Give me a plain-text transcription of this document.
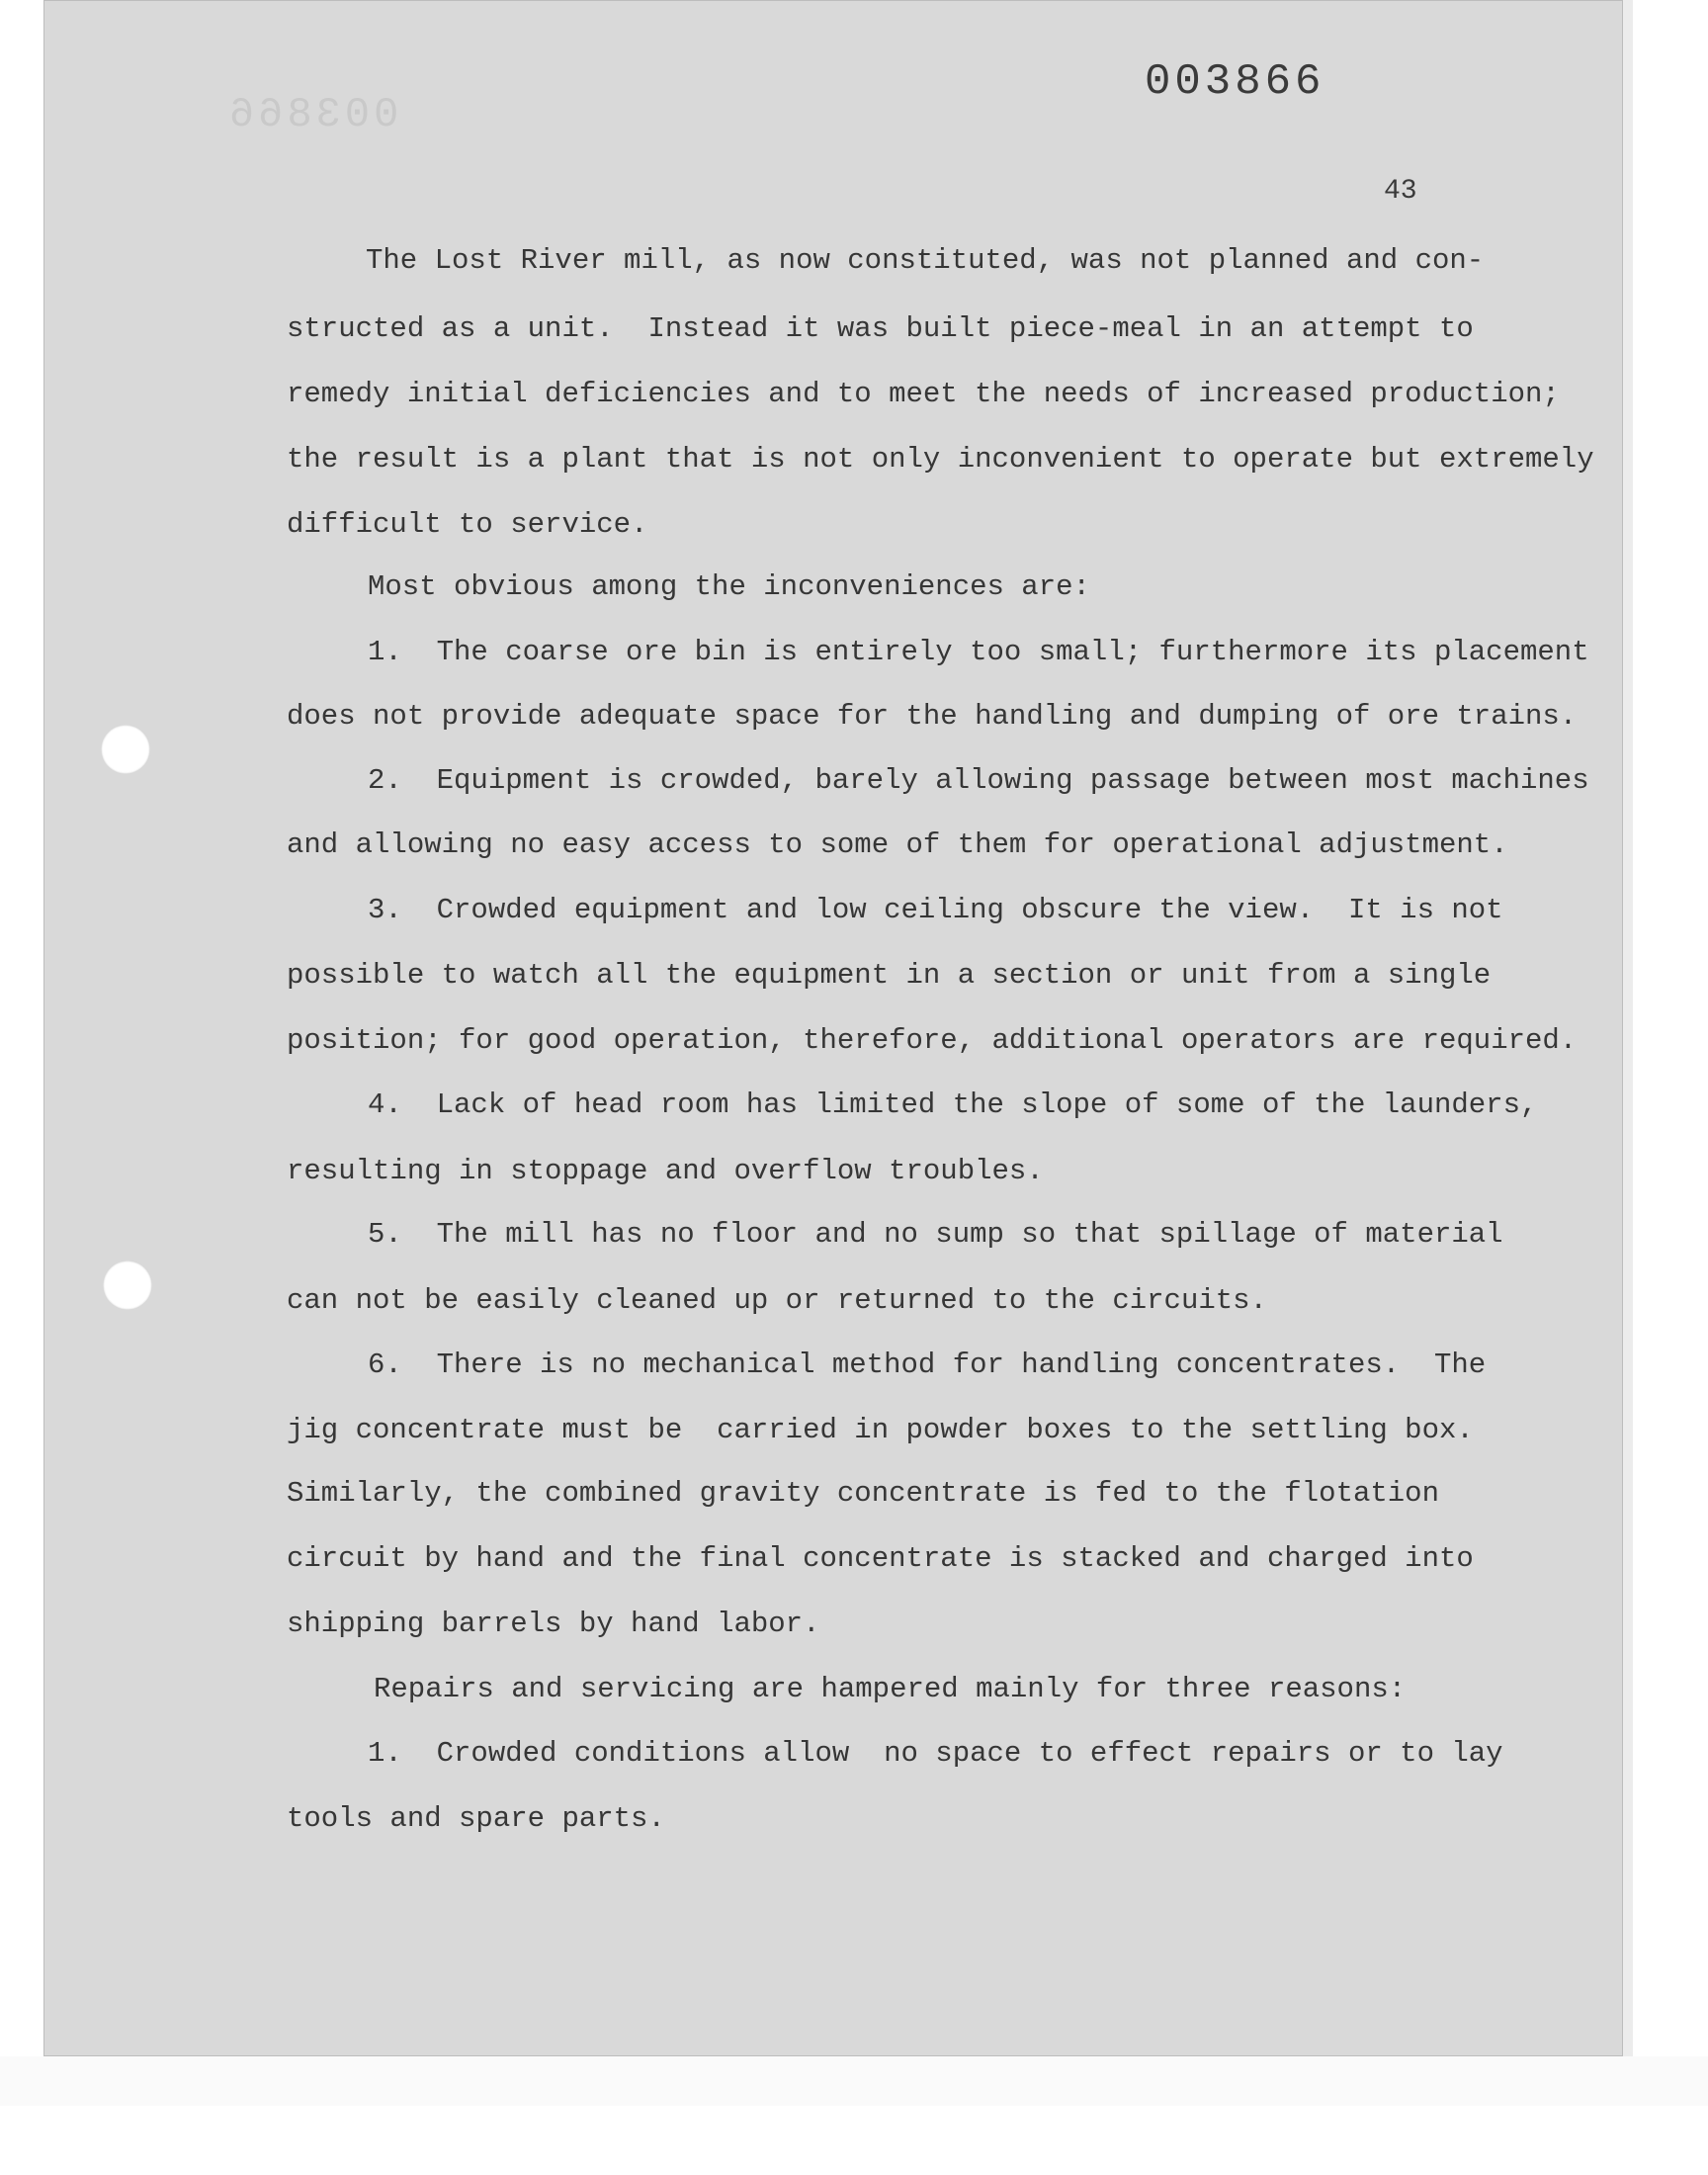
003866
003866
43
The Lost River mill, as now constituted, was not planned and con-
structed as a unit.  Instead it was built piece-meal in an attempt to
remedy initial deficiencies and to meet the needs of increased production;
the result is a plant that is not only inconvenient to operate but extremely
difficult to service.
Most obvious among the inconveniences are:
1.  The coarse ore bin is entirely too small; furthermore its placement
does not provide adequate space for the handling and dumping of ore trains.
2.  Equipment is crowded, barely allowing passage between most machines
and allowing no easy access to some of them for operational adjustment.
3.  Crowded equipment and low ceiling obscure the view.  It is not
possible to watch all the equipment in a section or unit from a single
position; for good operation, therefore, additional operators are required.
4.  Lack of head room has limited the slope of some of the launders,
resulting in stoppage and overflow troubles.
5.  The mill has no floor and no sump so that spillage of material
can not be easily cleaned up or returned to the circuits.
6.  There is no mechanical method for handling concentrates.  The
jig concentrate must be  carried in powder boxes to the settling box.
Similarly, the combined gravity concentrate is fed to the flotation
circuit by hand and the final concentrate is stacked and charged into
shipping barrels by hand labor.
Repairs and servicing are hampered mainly for three reasons:
1.  Crowded conditions allow  no space to effect repairs or to lay
tools and spare parts.
